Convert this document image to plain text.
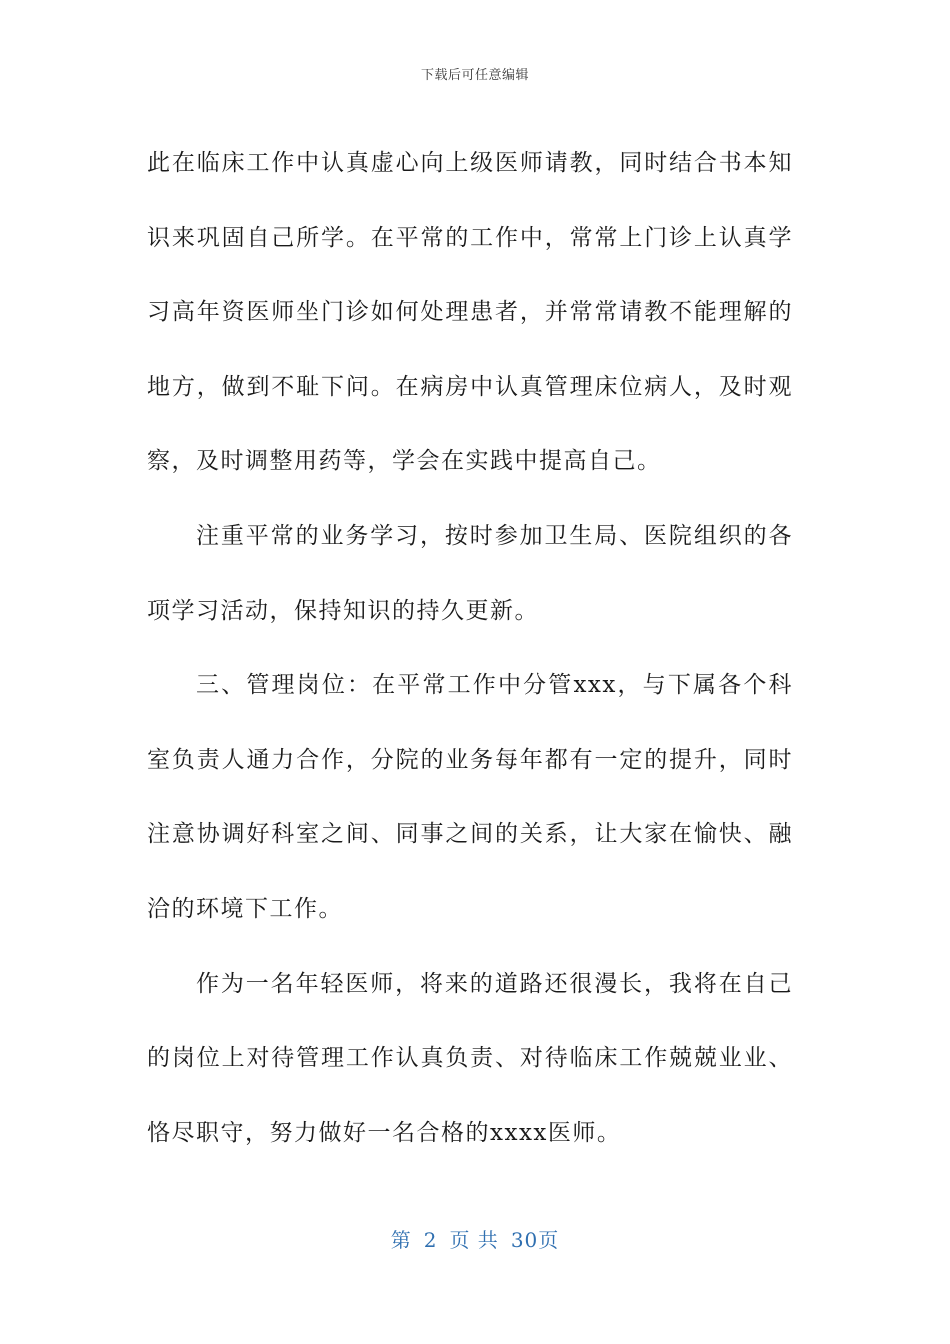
下载后可任意编辑

此在临床工作中认真虚心向上级医师请教，同时结合书本知识来巩固自己所学。在平常的工作中，常常上门诊上认真学习高年资医师坐门诊如何处理患者，并常常请教不能理解的地方，做到不耻下问。在病房中认真管理床位病人，及时观察，及时调整用药等，学会在实践中提高自己。

注重平常的业务学习，按时参加卫生局、医院组织的各项学习活动，保持知识的持久更新。

三、管理岗位：在平常工作中分管xxx，与下属各个科室负责人通力合作，分院的业务每年都有一定的提升，同时注意协调好科室之间、同事之间的关系，让大家在愉快、融洽的环境下工作。

作为一名年轻医师，将来的道路还很漫长，我将在自己的岗位上对待管理工作认真负责、对待临床工作兢兢业业、恪尽职守，努力做好一名合格的xxxx医师。

第 2 页 共 30页
